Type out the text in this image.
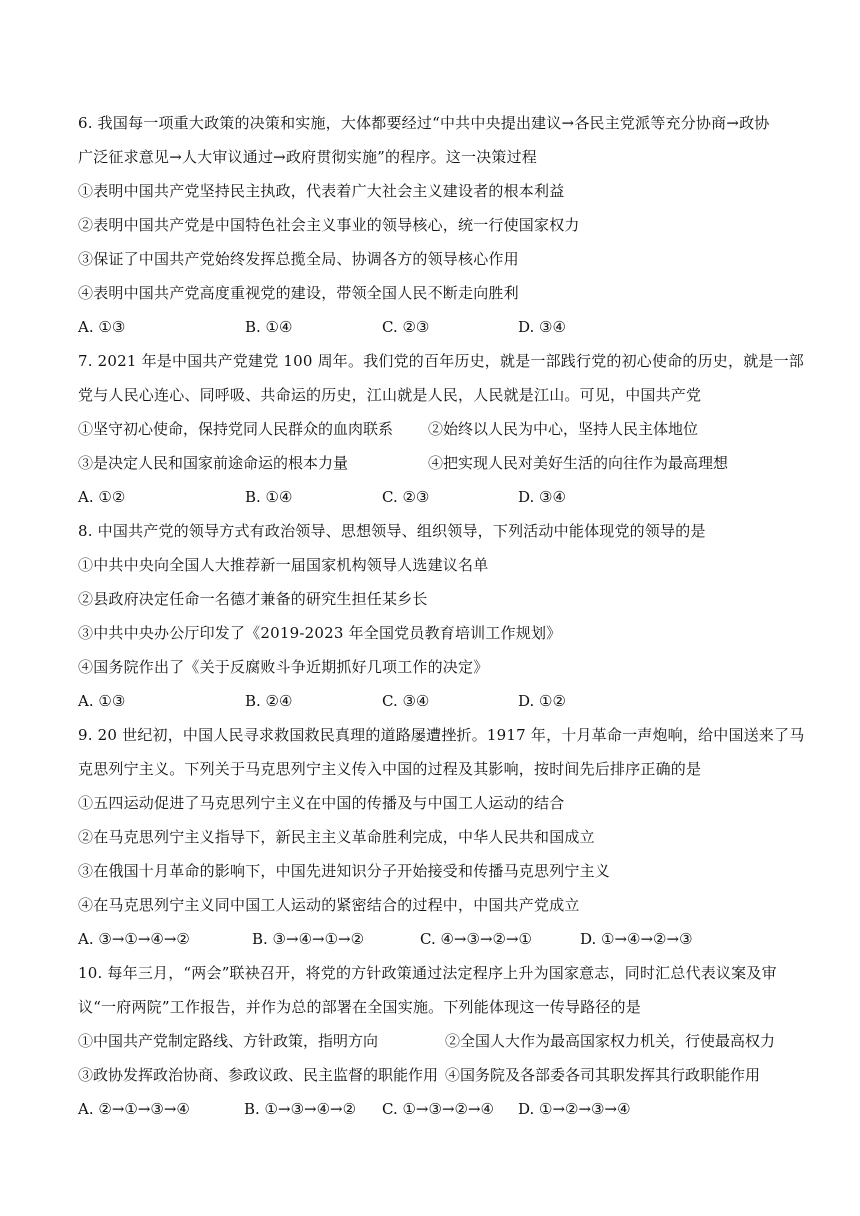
6. 我国每一项重大政策的决策和实施，大体都要经过“中共中央提出建议→各民主党派等充分协商→政协
广泛征求意见→人大审议通过→政府贯彻实施”的程序。这一决策过程
①表明中国共产党坚持民主执政，代表着广大社会主义建设者的根本利益
②表明中国共产党是中国特色社会主义事业的领导核心，统一行使国家权力
③保证了中国共产党始终发挥总揽全局、协调各方的领导核心作用
④表明中国共产党高度重视党的建设，带领全国人民不断走向胜利
A. ①③	B. ①④	C. ②③	D. ③④
7. 2021 年是中国共产党建党 100 周年。我们党的百年历史，就是一部践行党的初心使命的历史，就是一部
党与人民心连心、同呼吸、共命运的历史，江山就是人民，人民就是江山。可见，中国共产党
①坚守初心使命，保持党同人民群众的血肉联系 ②始终以人民为中心，坚持人民主体地位
③是决定人民和国家前途命运的根本力量	④把实现人民对美好生活的向往作为最高理想
A. ①②	B. ①④	C. ②③	D. ③④
8. 中国共产党的领导方式有政治领导、思想领导、组织领导，下列活动中能体现党的领导的是
①中共中央向全国人大推荐新一届国家机构领导人选建议名单
②县政府决定任命一名德才兼备的研究生担任某乡长
③中共中央办公厅印发了《2019-2023 年全国党员教育培训工作规划》
④国务院作出了《关于反腐败斗争近期抓好几项工作的决定》
A. ①③	B. ②④	C. ③④	D. ①②
9. 20 世纪初，中国人民寻求救国救民真理的道路屡遭挫折。1917 年，十月革命一声炮响，给中国送来了马
克思列宁主义。下列关于马克思列宁主义传入中国的过程及其影响，按时间先后排序正确的是
①五四运动促进了马克思列宁主义在中国的传播及与中国工人运动的结合
②在马克思列宁主义指导下，新民主主义革命胜利完成，中华人民共和国成立
③在俄国十月革命的影响下，中国先进知识分子开始接受和传播马克思列宁主义
④在马克思列宁主义同中国工人运动的紧密结合的过程中，中国共产党成立
A. ③→①→④→②	B. ③→④→①→②	C. ④→③→②→①	D. ①→④→②→③
10. 每年三月，“两会”联袂召开，将党的方针政策通过法定程序上升为国家意志，同时汇总代表议案及审
议“一府两院”工作报告，并作为总的部署在全国实施。下列能体现这一传导路径的是
①中国共产党制定路线、方针政策，指明方向	②全国人大作为最高国家权力机关，行使最高权力
③政协发挥政治协商、参政议政、民主监督的职能作用 ④国务院及各部委各司其职发挥其行政职能作用
A. ②→①→③→④	B. ①→③→④→② C. ①→③→②→④ D. ①→②→③→④
